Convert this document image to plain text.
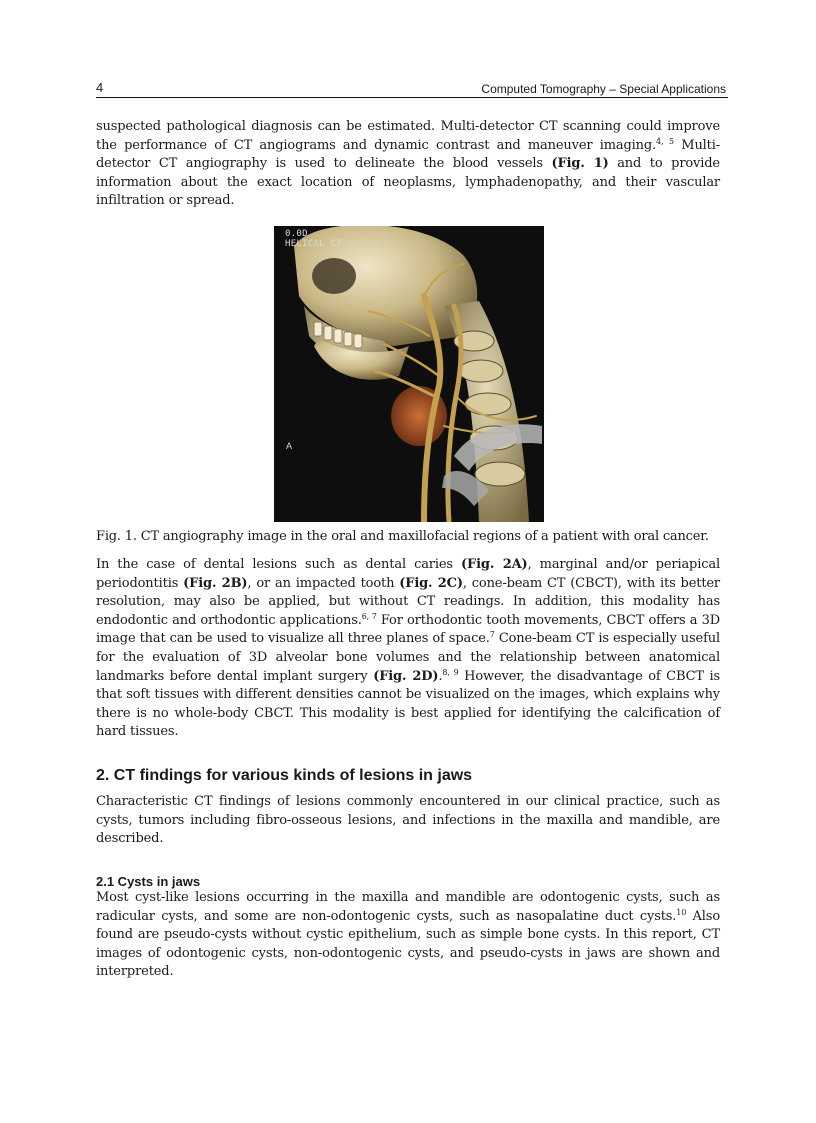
4	Computed Tomography – Special Applications

suspected pathological diagnosis can be estimated. Multi-detector CT scanning could improve the performance of CT angiograms and dynamic contrast and maneuver imaging.$^{4, 5}$ Multi-detector CT angiography is used to delineate the blood vessels (Fig. 1) and to provide information about the exact location of neoplasms, lymphadenopathy, and their vascular infiltration or spread.

0.0D
HELICAL CT
A

Fig. 1. CT angiography image in the oral and maxillofacial regions of a patient with oral cancer.

In the case of dental lesions such as dental caries (Fig. 2A), marginal and/or periapical periodontitis (Fig. 2B), or an impacted tooth (Fig. 2C), cone-beam CT (CBCT), with its better resolution, may also be applied, but without CT readings. In addition, this modality has endodontic and orthodontic applications.$^{6, 7}$ For orthodontic tooth movements, CBCT offers a 3D image that can be used to visualize all three planes of space.$^7$ Cone-beam CT is especially useful for the evaluation of 3D alveolar bone volumes and the relationship between anatomical landmarks before dental implant surgery (Fig. 2D).$^{8, 9}$ However, the disadvantage of CBCT is that soft tissues with different densities cannot be visualized on the images, which explains why there is no whole-body CBCT. This modality is best applied for identifying the calcification of hard tissues.

2. CT findings for various kinds of lesions in jaws

Characteristic CT findings of lesions commonly encountered in our clinical practice, such as cysts, tumors including fibro-osseous lesions, and infections in the maxilla and mandible, are described.

2.1 Cysts in jaws

Most cyst-like lesions occurring in the maxilla and mandible are odontogenic cysts, such as radicular cysts, and some are non-odontogenic cysts, such as nasopalatine duct cysts.$^{10}$ Also found are pseudo-cysts without cystic epithelium, such as simple bone cysts. In this report, CT images of odontogenic cysts, non-odontogenic cysts, and pseudo-cysts in jaws are shown and interpreted.
